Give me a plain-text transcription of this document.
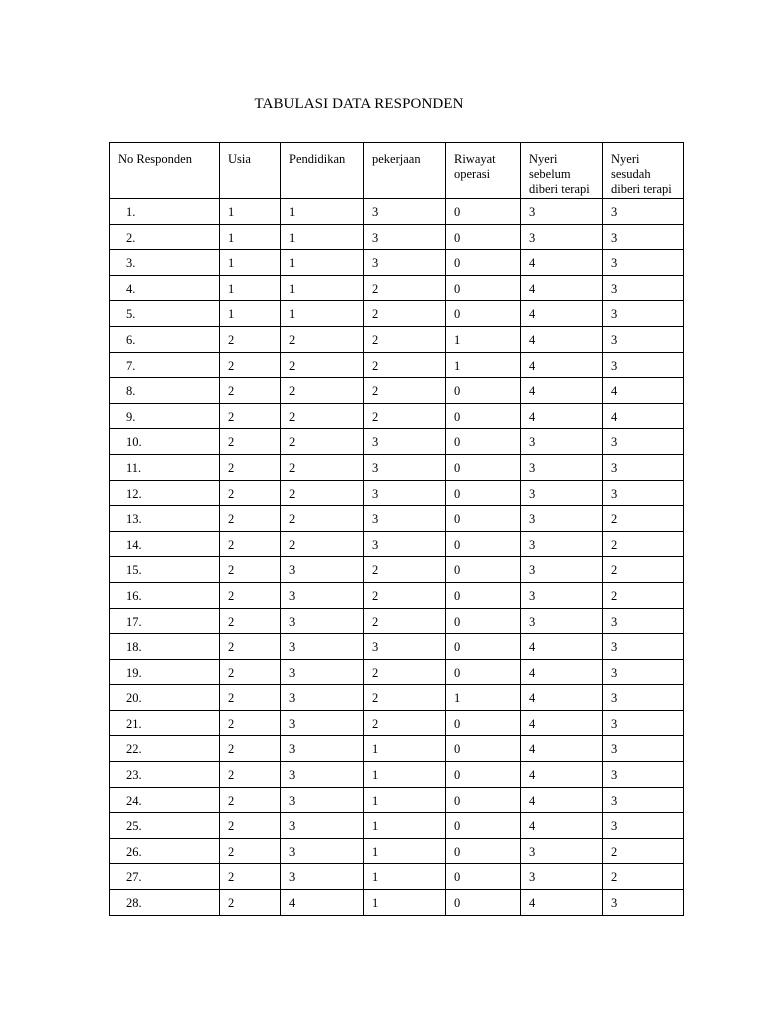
TABULASI DATA RESPONDEN
No Responden	Usia	Pendidikan	pekerjaan	Riwayat
operasi	Nyeri
sebelum
diberi terapi	Nyeri
sesudah
diberi terapi

1.	1	1	3	0	3	3
2.	1	1	3	0	3	3
3.	1	1	3	0	4	3
4.	1	1	2	0	4	3
5.	1	1	2	0	4	3
6.	2	2	2	1	4	3
7.	2	2	2	1	4	3
8.	2	2	2	0	4	4
9.	2	2	2	0	4	4
10.	2	2	3	0	3	3
11.	2	2	3	0	3	3
12.	2	2	3	0	3	3
13.	2	2	3	0	3	2
14.	2	2	3	0	3	2
15.	2	3	2	0	3	2
16.	2	3	2	0	3	2
17.	2	3	2	0	3	3
18.	2	3	3	0	4	3
19.	2	3	2	0	4	3
20.	2	3	2	1	4	3
21.	2	3	2	0	4	3
22.	2	3	1	0	4	3
23.	2	3	1	0	4	3
24.	2	3	1	0	4	3
25.	2	3	1	0	4	3
26.	2	3	1	0	3	2
27.	2	3	1	0	3	2
28.	2	4	1	0	4	3
